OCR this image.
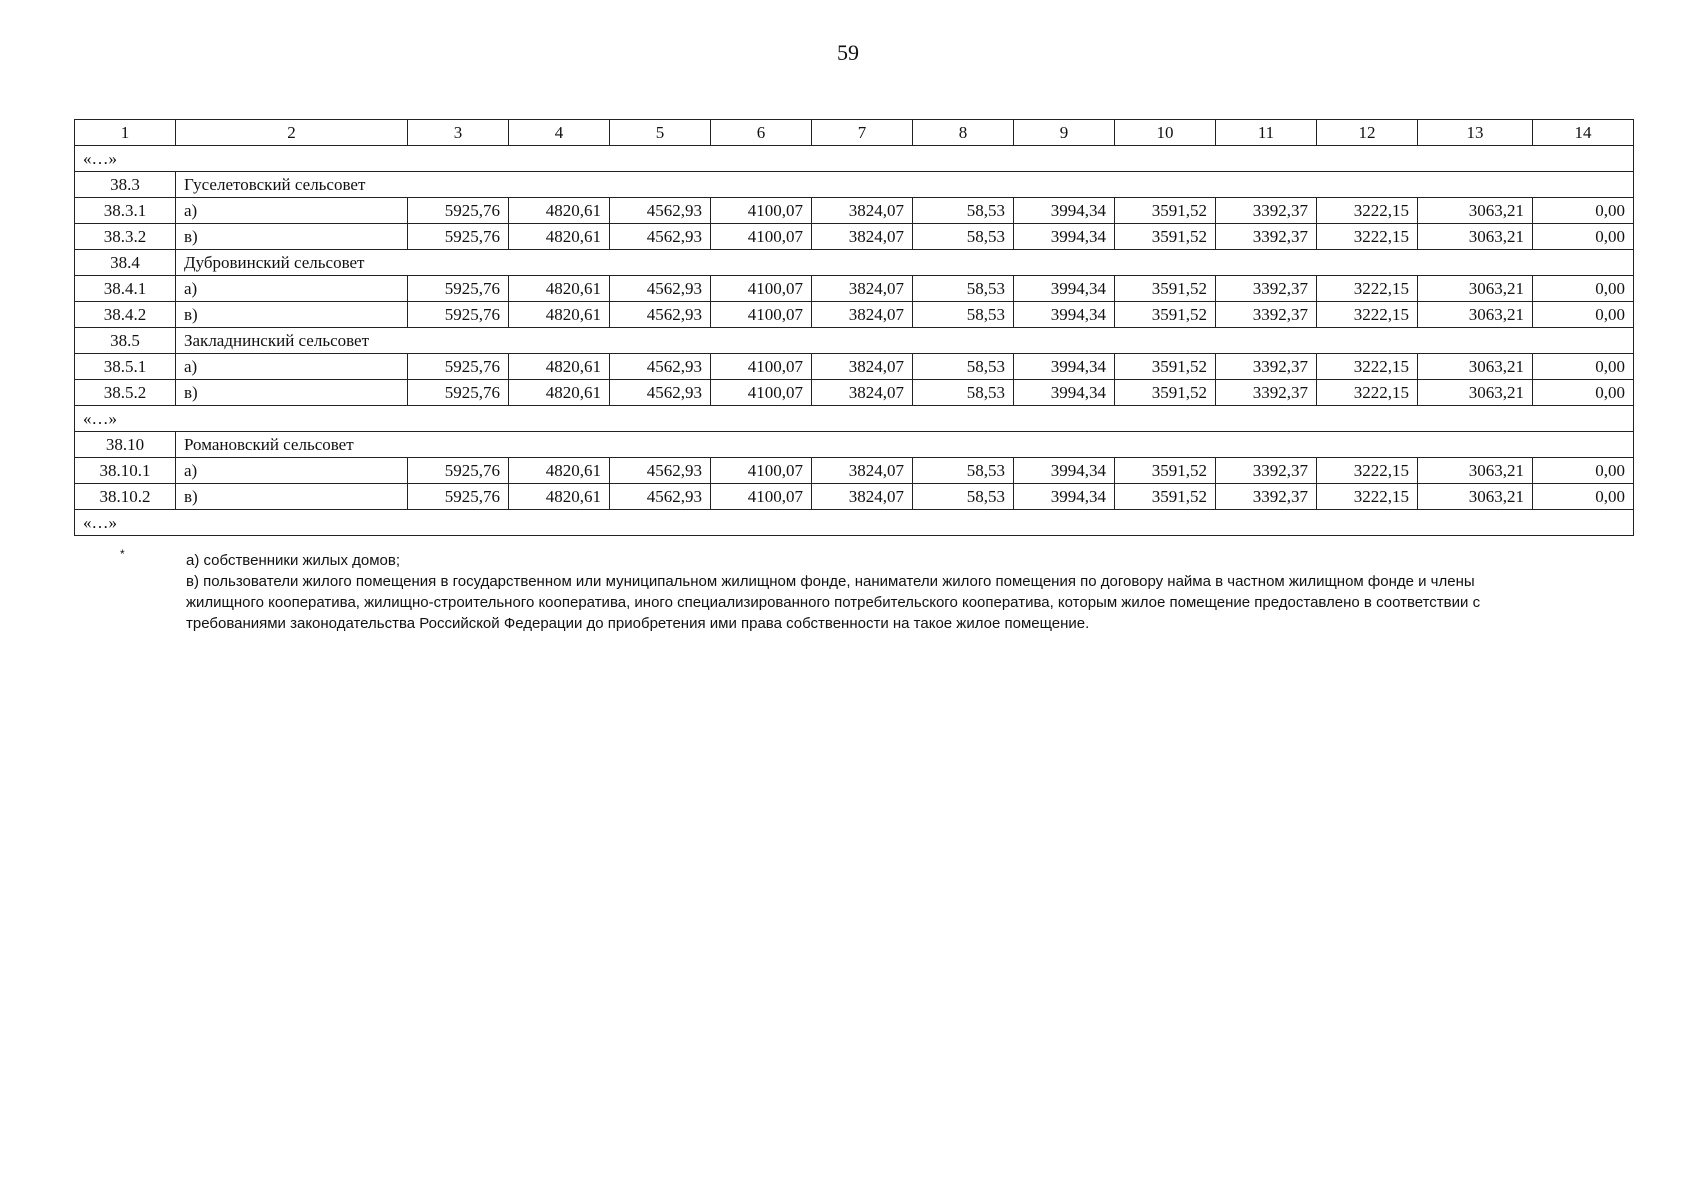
59
1	2	3	4	5	6	7	8	9	10	11	12	13	14
«…»													
38.3	Гуселетовский сельсовет												
38.3.1	а)	5925,76	4820,61	4562,93	4100,07	3824,07	58,53	3994,34	3591,52	3392,37	3222,15	3063,21	0,00
38.3.2	в)	5925,76	4820,61	4562,93	4100,07	3824,07	58,53	3994,34	3591,52	3392,37	3222,15	3063,21	0,00
38.4	Дубровинский сельсовет												
38.4.1	а)	5925,76	4820,61	4562,93	4100,07	3824,07	58,53	3994,34	3591,52	3392,37	3222,15	3063,21	0,00
38.4.2	в)	5925,76	4820,61	4562,93	4100,07	3824,07	58,53	3994,34	3591,52	3392,37	3222,15	3063,21	0,00
38.5	Закладнинский сельсовет												
38.5.1	а)	5925,76	4820,61	4562,93	4100,07	3824,07	58,53	3994,34	3591,52	3392,37	3222,15	3063,21	0,00
38.5.2	в)	5925,76	4820,61	4562,93	4100,07	3824,07	58,53	3994,34	3591,52	3392,37	3222,15	3063,21	0,00
«…»													
38.10	Романовский сельсовет												
38.10.1	а)	5925,76	4820,61	4562,93	4100,07	3824,07	58,53	3994,34	3591,52	3392,37	3222,15	3063,21	0,00
38.10.2	в)	5925,76	4820,61	4562,93	4100,07	3824,07	58,53	3994,34	3591,52	3392,37	3222,15	3063,21	0,00
«…»													
*	а) собственники жилых домов;

в) пользователи жилого помещения в государственном или муниципальном жилищном фонде, наниматели жилого помещения по договору найма в частном жилищном фонде и члены жилищного кооператива, жилищно-строительного кооператива, иного специализированного потребительского кооператива, которым жилое помещение предоставлено в соответствии с требованиями законодательства Российской Федерации до приобретения ими права собственности на такое жилое помещение.
